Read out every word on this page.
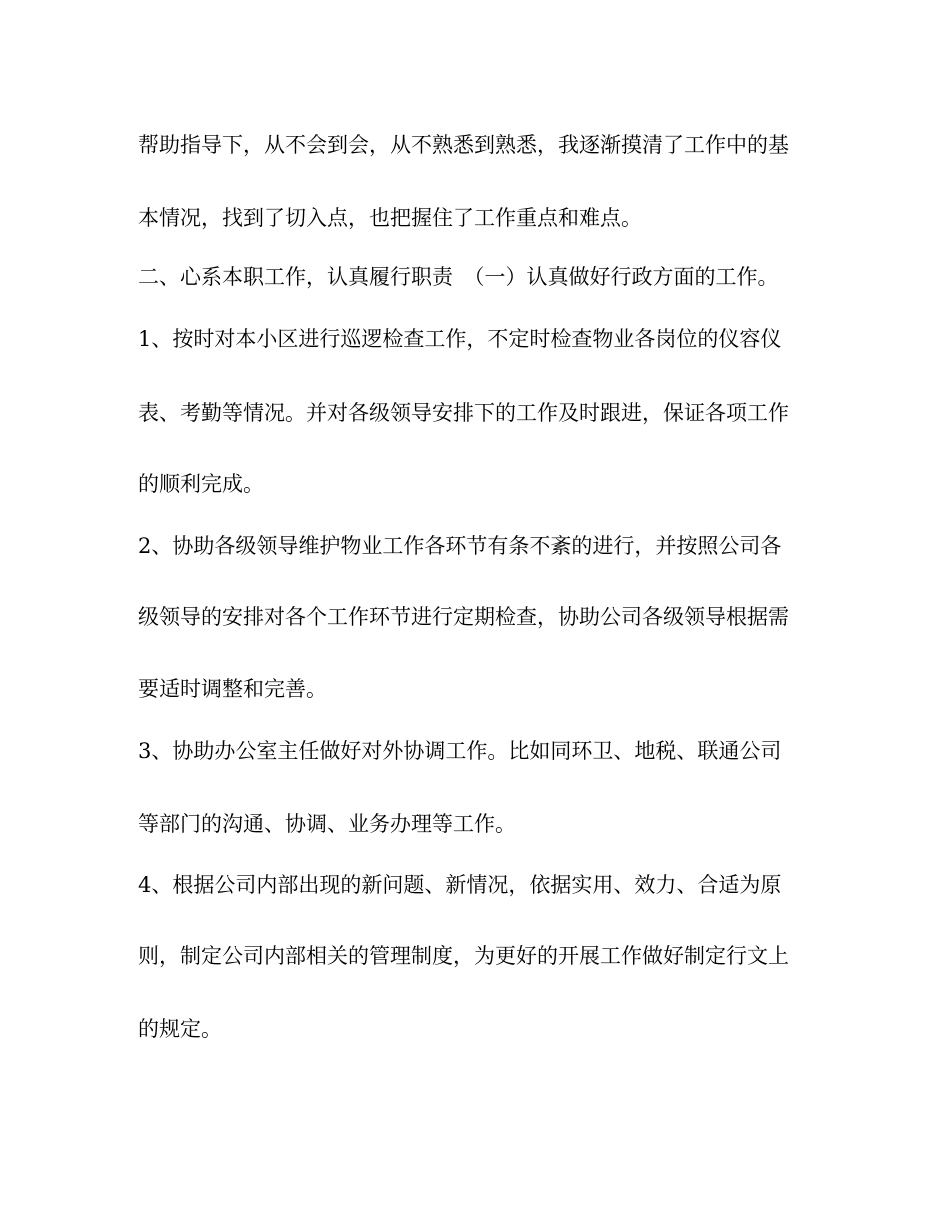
帮助指导下，从不会到会，从不熟悉到熟悉，我逐渐摸清了工作中的基
本情况，找到了切入点，也把握住了工作重点和难点。
二、心系本职工作，认真履行职责　（一）认真做好行政方面的工作。
1、按时对本小区进行巡逻检查工作，不定时检查物业各岗位的仪容仪
表、考勤等情况。并对各级领导安排下的工作及时跟进，保证各项工作
的顺利完成。
2、协助各级领导维护物业工作各环节有条不紊的进行，并按照公司各
级领导的安排对各个工作环节进行定期检查，协助公司各级领导根据需
要适时调整和完善。
3、协助办公室主任做好对外协调工作。比如同环卫、地税、联通公司
等部门的沟通、协调、业务办理等工作。
4、根据公司内部出现的新问题、新情况，依据实用、效力、合适为原
则，制定公司内部相关的管理制度，为更好的开展工作做好制定行文上
的规定。
